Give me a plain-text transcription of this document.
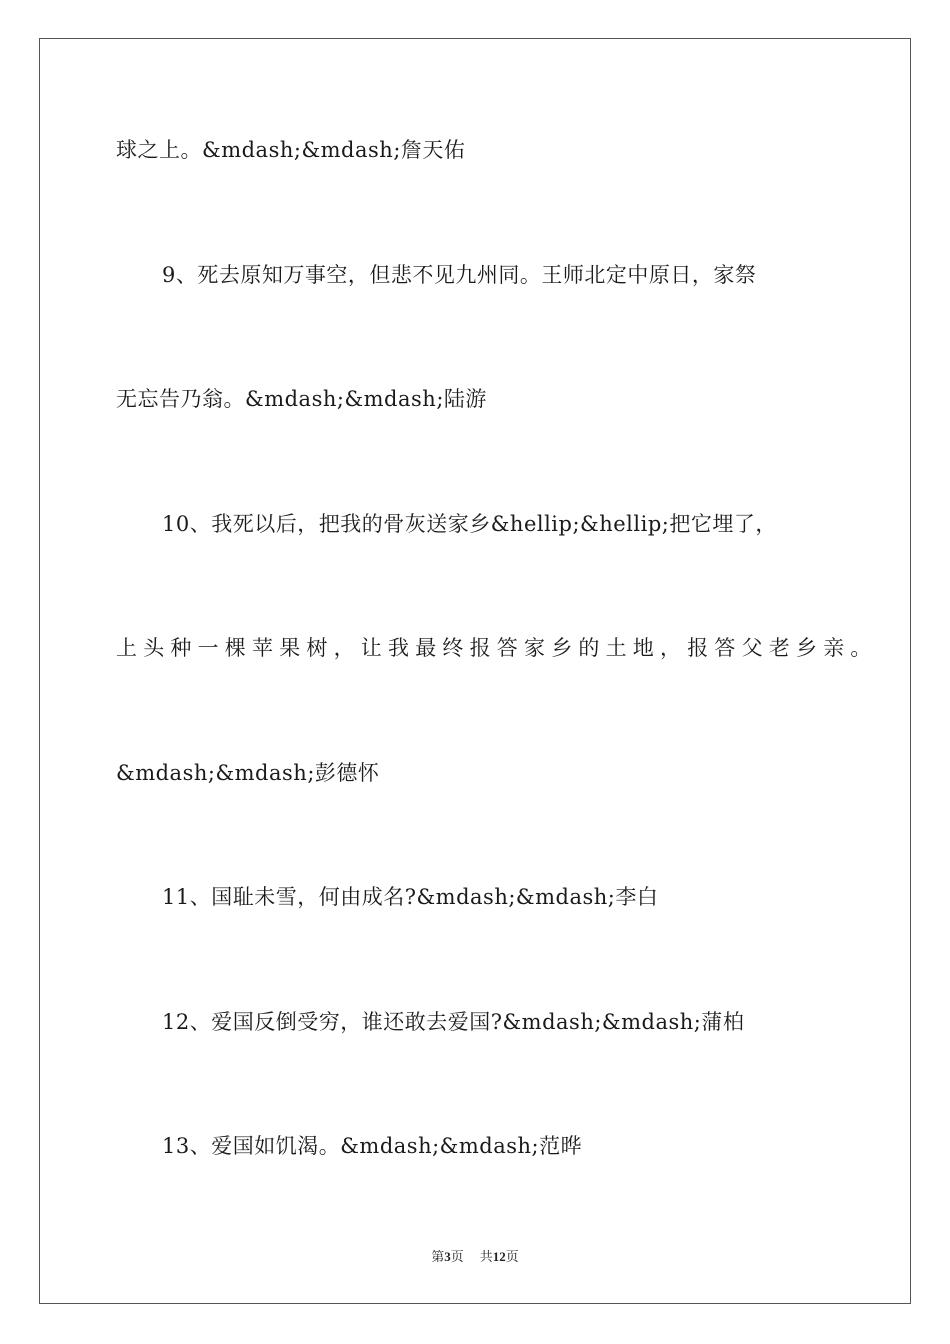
球之上。&mdash;&mdash;詹天佑
9、死去原知万事空，但悲不见九州同。王师北定中原日，家祭
无忘告乃翁。&mdash;&mdash;陆游
10、我死以后，把我的骨灰送家乡&hellip;&hellip;把它埋了，
上头种一棵苹果树，让我最终报答家乡的土地，报答父老乡亲。
&mdash;&mdash;彭德怀
11、国耻未雪，何由成名?&mdash;&mdash;李白
12、爱国反倒受穷，谁还敢去爱国?&mdash;&mdash;蒲柏
13、爱国如饥渴。&mdash;&mdash;范晔
第3页 共12页
